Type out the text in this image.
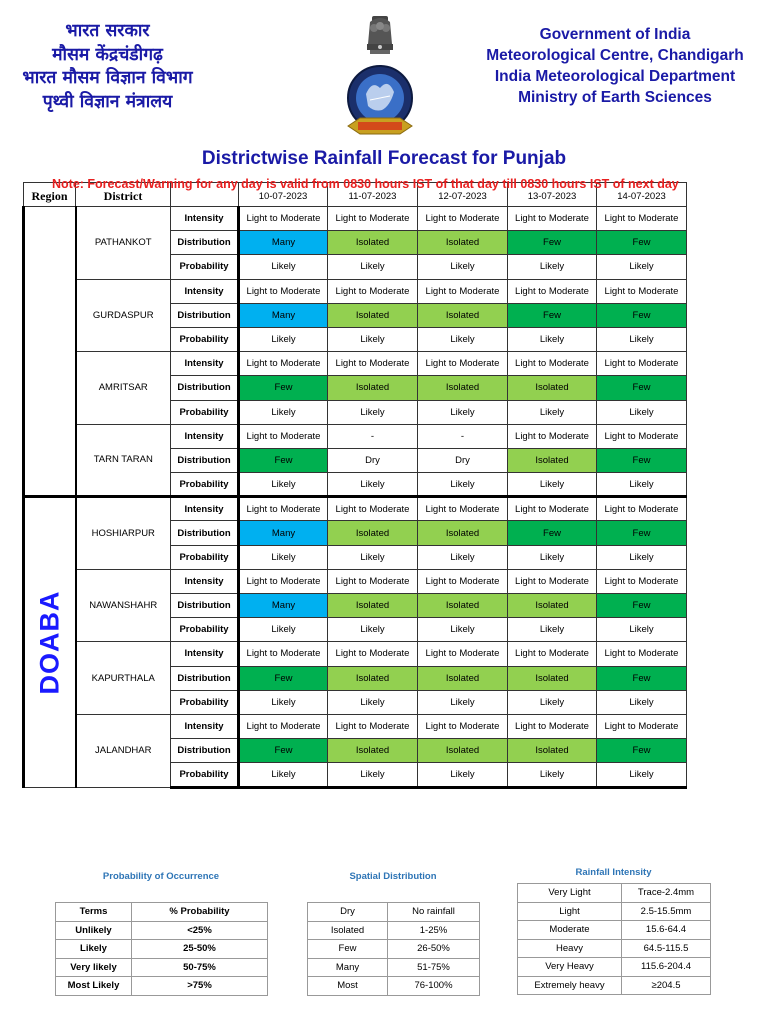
भारत सरकार
मौसम केंद्रचंडीगढ़
भारत मौसम विज्ञान विभाग
पृथ्वी विज्ञान मंत्रालय
Government of India
Meteorological Centre, Chandigarh
India Meteorological Department
Ministry of Earth Sciences
Districtwise Rainfall Forecast for Punjab
Region	District		10-07-2023	11-07-2023	12-07-2023	13-07-2023	14-07-2023
	PATHANKOT	Intensity	Light to Moderate	Light to Moderate	Light to Moderate	Light to Moderate	Light to Moderate
		Distribution	Many	Isolated	Isolated	Few	Few
		Probability	Likely	Likely	Likely	Likely	Likely
	GURDASPUR	Intensity	Light to Moderate	Light to Moderate	Light to Moderate	Light to Moderate	Light to Moderate
		Distribution	Many	Isolated	Isolated	Few	Few
		Probability	Likely	Likely	Likely	Likely	Likely
	AMRITSAR	Intensity	Light to Moderate	Light to Moderate	Light to Moderate	Light to Moderate	Light to Moderate
		Distribution	Few	Isolated	Isolated	Isolated	Few
		Probability	Likely	Likely	Likely	Likely	Likely
	TARN TARAN	Intensity	Light to Moderate	-	-	Light to Moderate	Light to Moderate
		Distribution	Few	Dry	Dry	Isolated	Few
		Probability	Likely	Likely	Likely	Likely	Likely

DOABA	HOSHIARPUR	Intensity	Light to Moderate	Light to Moderate	Light to Moderate	Light to Moderate	Light to Moderate
		Distribution	Many	Isolated	Isolated	Few	Few
		Probability	Likely	Likely	Likely	Likely	Likely
	NAWANSHAHR	Intensity	Light to Moderate	Light to Moderate	Light to Moderate	Light to Moderate	Light to Moderate
		Distribution	Many	Isolated	Isolated	Isolated	Few
		Probability	Likely	Likely	Likely	Likely	Likely
	KAPURTHALA	Intensity	Light to Moderate	Light to Moderate	Light to Moderate	Light to Moderate	Light to Moderate
		Distribution	Few	Isolated	Isolated	Isolated	Few
		Probability	Likely	Likely	Likely	Likely	Likely
	JALANDHAR	Intensity	Light to Moderate	Light to Moderate	Light to Moderate	Light to Moderate	Light to Moderate
		Distribution	Few	Isolated	Isolated	Isolated	Few
		Probability	Likely	Likely	Likely	Likely	Likely
Note: Forecast/Warning for any day is valid from 0830 hours IST of that day till 0830 hours IST of next day
Probability of Occurrence
Terms	% Probability
Unlikely	<25%
Likely	25-50%
Very likely	50-75%
Most Likely	>75%
Spatial Distribution
Dry	No rainfall
Isolated	1-25%
Few	26-50%
Many	51-75%
Most	76-100%
Rainfall Intensity
Very Light	Trace-2.4mm
Light	2.5-15.5mm
Moderate	15.6-64.4
Heavy	64.5-115.5
Very Heavy	115.6-204.4
Extremely heavy	≥204.5
